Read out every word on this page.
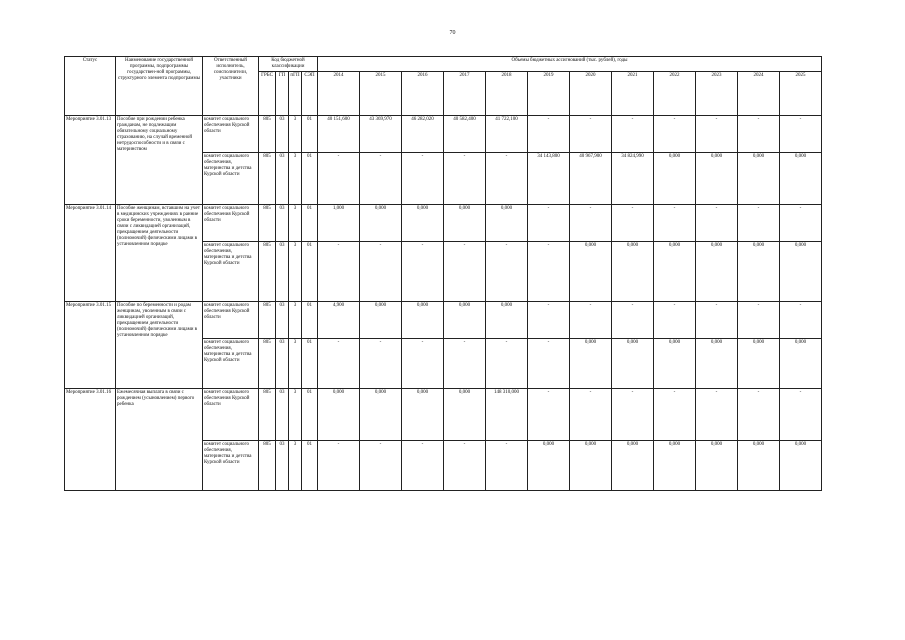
70
Статус	Наименование государственной программы, подпрограммы государствен-ной программы, структурного элемента подпрограммы	Ответственный исполнитель, соисполнители, участники	Код бюджетной классификации				Объемы бюджетных ассигнований (тыс. рублей), годы											
			ГРБС	ГП	пГП	СЭП	2014	2015	2016	2017	2018	2019	2020	2021	2022	2023	2024	2025
Мероприятие 3.01.13	Пособие при рождении ребенка гражданам, не подлежащим обязательному социальному страхованию, на случай временной нетрудоспособности и в связи с материнством	комитет социального обеспечения Курской области	805	03	3	01	40 151,600	43 369,970	46 282,020	40 582,400	41 722,100	-	-	-	-	-	-	-
		комитет социального обеспечения, материнства и детства Курской области	805	03	3	01	-	-	-	-	-	34 143,800	40 967,900	34 824,990	0,000	0,000	0,000	0,000
Мероприятие 3.01.14	Пособие женщинам, вставшим на учет в медицинских учреждениях в ранние сроки беременности, уволенным в связи с ликвидацией организаций, прекращением деятельности (полномочий) физическими лицами в установленном порядке	комитет социального обеспечения Курской области	805	03	3	01	1,000	0,000	0,000	0,000	0,000	-	-	-	-	-	-	-
		комитет социального обеспечения, материнства и детства Курской области	805	03	3	01	-	-	-	-	-	-	0,000	0,000	0,000	0,000	0,000	0,000
Мероприятие 3.01.15	Пособие по беременности и родам женщинам, уволенным в связи с ликвидацией организаций, прекращением деятельности (полномочий) физическими лицами в установленном порядке	комитет социального обеспечения Курской области	805	03	3	01	4,900	0,000	0,000	0,000	0,000	-	-	-	-	-	-	-
		комитет социального обеспечения, материнства и детства Курской области	805	03	3	01	-	-	-	-	-	-	0,000	0,000	0,000	0,000	0,000	0,000
Мероприятие 3.01.16	Ежемесячная выплата в связи с рождением (усыновлением) первого ребенка	комитет социального обеспечения Курской области	805	03	3	01	0,000	0,000	0,000	0,000	148 310,000	-	-	-	-	-	-	-
		комитет социального обеспечения, материнства и детства Курской области	805	03	3	01	-	-	-	-	-	0,000	0,000	0,000	0,000	0,000	0,000	0,000
